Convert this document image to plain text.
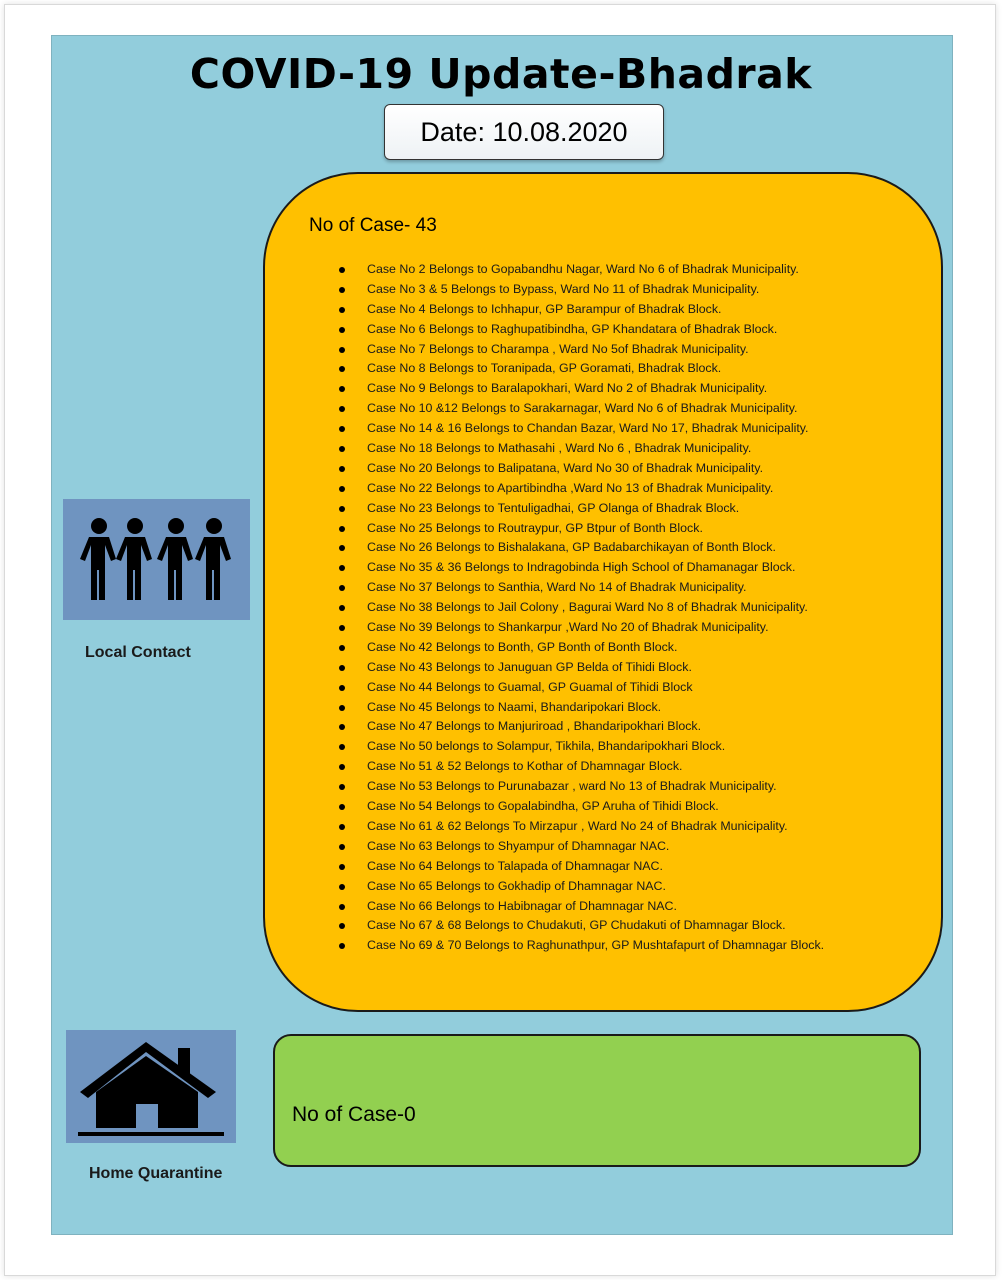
COVID-19 Update-Bhadrak
Date: 10.08.2020
No of Case- 43
Case No 2 Belongs to Gopabandhu Nagar, Ward No 6 of Bhadrak Municipality.
Case No 3 & 5 Belongs to Bypass, Ward No 11 of Bhadrak Municipality.
Case No 4 Belongs to Ichhapur, GP Barampur of Bhadrak Block.
Case No 6 Belongs to Raghupatibindha, GP Khandatara of Bhadrak Block.
Case No 7 Belongs to Charampa , Ward No 5of Bhadrak Municipality.
Case No 8 Belongs to Toranipada, GP Goramati, Bhadrak Block.
Case No 9 Belongs to Baralapokhari, Ward No 2 of Bhadrak Municipality.
Case No 10 &12 Belongs to Sarakarnagar, Ward No 6 of Bhadrak Municipality.
Case No 14 & 16 Belongs to Chandan Bazar, Ward No 17, Bhadrak Municipality.
Case No 18 Belongs to Mathasahi , Ward No 6 , Bhadrak Municipality.
Case No 20 Belongs to Balipatana, Ward No 30 of Bhadrak Municipality.
Case No 22 Belongs to Apartibindha ,Ward No 13 of Bhadrak Municipality.
Case No 23 Belongs to Tentuligadhai, GP Olanga of Bhadrak Block.
Case No 25 Belongs to Routraypur, GP Btpur of Bonth Block.
Case No 26 Belongs to Bishalakana, GP Badabarchikayan of Bonth Block.
Case No 35 & 36 Belongs to Indragobinda High School of Dhamanagar Block.
Case No 37 Belongs to Santhia, Ward No 14 of Bhadrak Municipality.
Case No 38 Belongs to Jail Colony , Bagurai Ward No 8 of Bhadrak Municipality.
Case No 39 Belongs to Shankarpur ,Ward No 20 of Bhadrak Municipality.
Case No 42 Belongs to Bonth, GP Bonth of Bonth Block.
Case No 43 Belongs to Januguan GP Belda of Tihidi Block.
Case No 44 Belongs to Guamal, GP Guamal of Tihidi Block
Case No 45 Belongs to Naami, Bhandaripokari Block.
Case No 47 Belongs to Manjuriroad , Bhandaripokhari Block.
Case No 50 belongs to Solampur, Tikhila, Bhandaripokhari Block.
Case No 51 & 52 Belongs to Kothar of Dhamnagar Block.
Case No 53 Belongs to Purunabazar , ward No 13 of Bhadrak Municipality.
Case No 54 Belongs to Gopalabindha, GP Aruha of Tihidi Block.
Case No 61 & 62 Belongs To Mirzapur , Ward No 24 of Bhadrak Municipality.
Case No 63 Belongs to Shyampur of Dhamnagar NAC.
Case No 64 Belongs to Talapada of Dhamnagar NAC.
Case No 65 Belongs to Gokhadip of Dhamnagar NAC.
Case No 66 Belongs to Habibnagar of Dhamnagar NAC.
Case No 67 & 68 Belongs to Chudakuti, GP Chudakuti of Dhamnagar Block.
Case No 69 & 70 Belongs to Raghunathpur, GP Mushtafapurt of Dhamnagar Block.
Local Contact
Home Quarantine
No of Case-0
